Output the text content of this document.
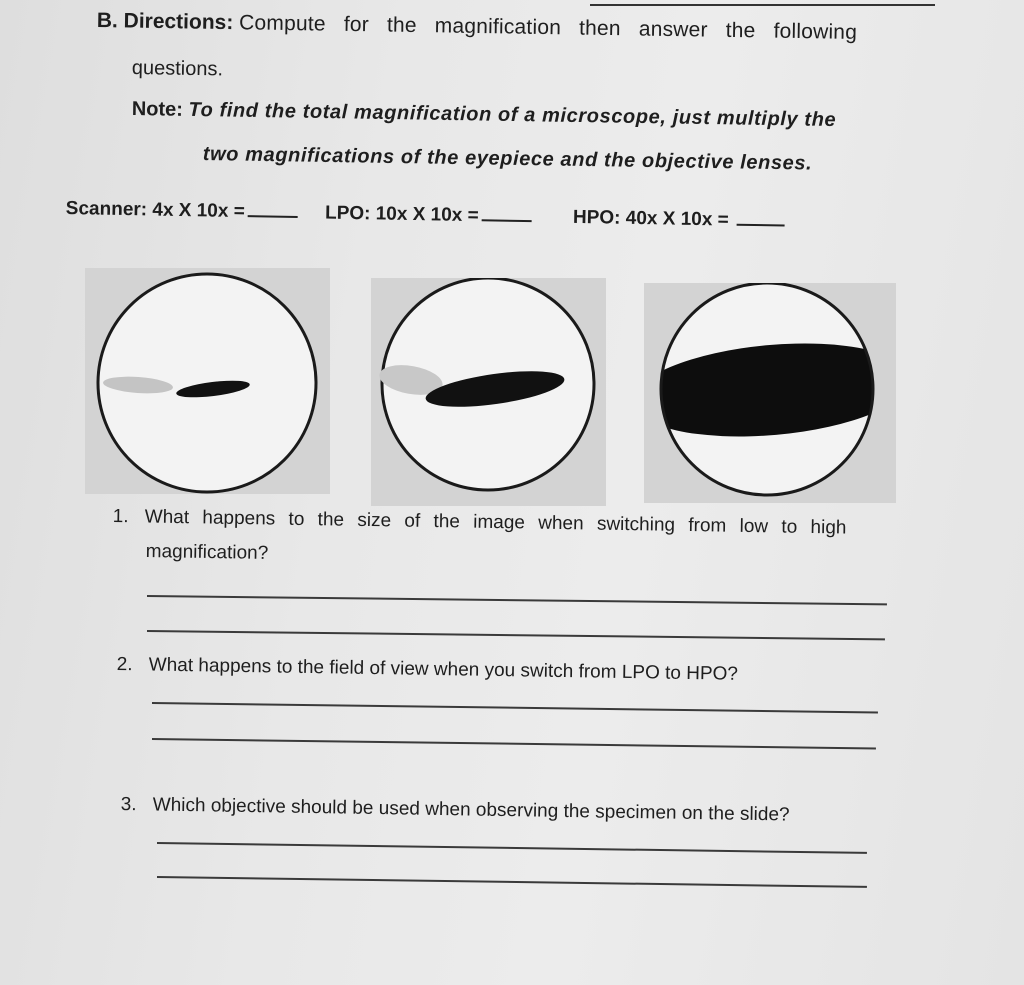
B. Directions: Compute for the magnification then answer the following
questions.
Note: To find the total magnification of a microscope, just multiply the
two magnifications of the eyepiece and the objective lenses.
Scanner: 4x X 10x =	LPO: 10x X 10x =	HPO: 40x X 10x =
1. What happens to the size of the image when switching from low to high
magnification?
2. What happens to the field of view when you switch from LPO to HPO?
3. Which objective should be used when observing the specimen on the slide?
